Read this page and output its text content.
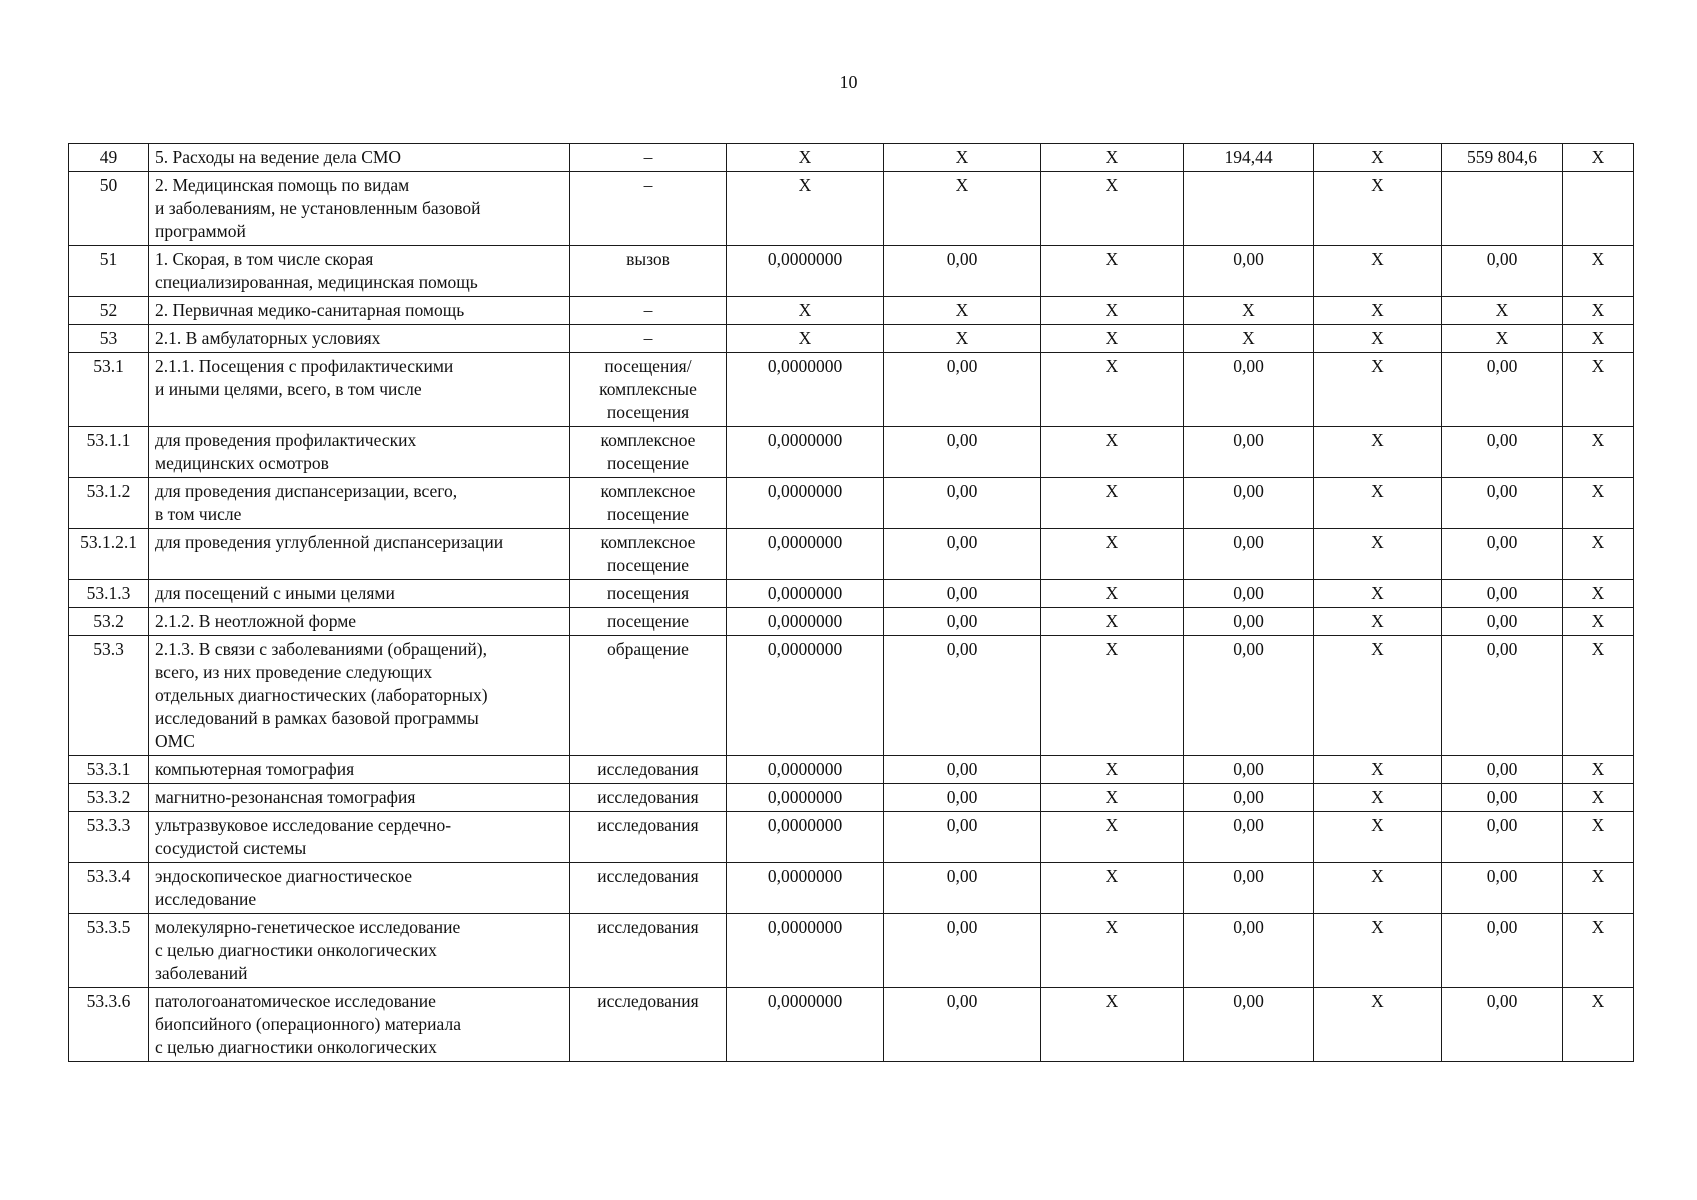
10
49	5. Расходы на ведение дела СМО	–	Х	Х	Х	194,44	Х	559 804,6	Х
50	2. Медицинская помощь по видам
и заболеваниям, не установленным базовой
программой	–	Х	Х	Х		Х		
51	1. Скорая, в том числе скорая
специализированная, медицинская помощь	вызов	0,0000000	0,00	Х	0,00	Х	0,00	Х
52	2. Первичная медико-санитарная помощь	–	Х	Х	Х	Х	Х	Х	Х
53	2.1. В амбулаторных условиях	–	Х	Х	Х	Х	Х	Х	Х
53.1	2.1.1. Посещения с профилактическими
и иными целями, всего, в том числе	посещения/
комплексные
посещения	0,0000000	0,00	Х	0,00	Х	0,00	Х
53.1.1	для проведения профилактических
медицинских осмотров	комплексное
посещение	0,0000000	0,00	Х	0,00	Х	0,00	Х
53.1.2	для проведения диспансеризации, всего,
в том числе	комплексное
посещение	0,0000000	0,00	Х	0,00	Х	0,00	Х
53.1.2.1	для проведения углубленной диспансеризации	комплексное
посещение	0,0000000	0,00	Х	0,00	Х	0,00	Х
53.1.3	для посещений с иными целями	посещения	0,0000000	0,00	Х	0,00	Х	0,00	Х
53.2	2.1.2. В неотложной форме	посещение	0,0000000	0,00	Х	0,00	Х	0,00	Х
53.3	2.1.3. В связи с заболеваниями (обращений),
всего, из них проведение следующих
отдельных диагностических (лабораторных)
исследований в рамках базовой программы
ОМС	обращение	0,0000000	0,00	Х	0,00	Х	0,00	Х
53.3.1	компьютерная томография	исследования	0,0000000	0,00	Х	0,00	Х	0,00	Х
53.3.2	магнитно-резонансная томография	исследования	0,0000000	0,00	Х	0,00	Х	0,00	Х
53.3.3	ультразвуковое исследование сердечно-
сосудистой системы	исследования	0,0000000	0,00	Х	0,00	Х	0,00	Х
53.3.4	эндоскопическое диагностическое
исследование	исследования	0,0000000	0,00	Х	0,00	Х	0,00	Х
53.3.5	молекулярно-генетическое исследование
с целью диагностики онкологических
заболеваний	исследования	0,0000000	0,00	Х	0,00	Х	0,00	Х
53.3.6	патологоанатомическое исследование
биопсийного (операционного) материала
с целью диагностики онкологических	исследования	0,0000000	0,00	Х	0,00	Х	0,00	Х
